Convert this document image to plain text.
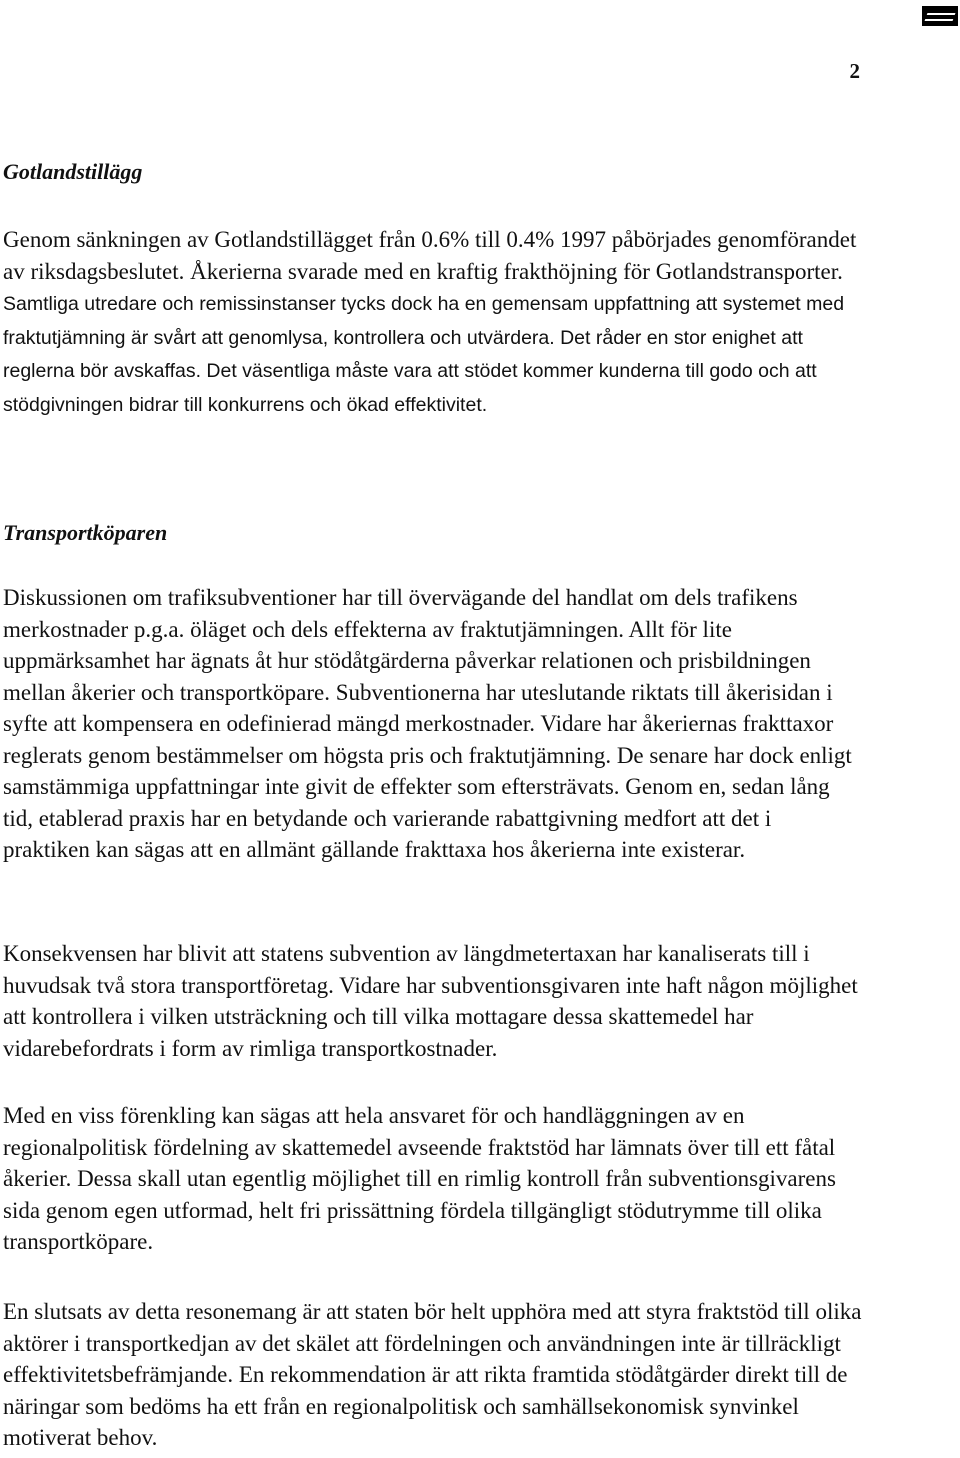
2
Gotlandstillägg

Genom sänkningen av Gotlandstillägget från 0.6% till 0.4% 1997 påbörjades genomförandet av riksdagsbeslutet. Åkerierna svarade med en kraftig frakthöjning för Gotlandstransporter. Samtliga utredare och remissinstanser tycks dock ha en gemensam uppfattning att systemet med fraktutjämning är svårt att genomlysa, kontrollera och utvärdera. Det råder en stor enighet att reglerna bör avskaffas. Det väsentliga måste vara att stödet kommer kunderna till godo och att stödgivningen bidrar till konkurrens och ökad effektivitet.

Transportköparen

Diskussionen om trafiksubventioner har till övervägande del handlat om dels trafikens merkostnader p.g.a. öläget och dels effekterna av fraktutjämningen. Allt för lite uppmärksamhet har ägnats åt hur stödåtgärderna påverkar relationen och prisbildningen mellan åkerier och transportköpare. Subventionerna har uteslutande riktats till åkerisidan i syfte att kompensera en odefinierad mängd merkostnader. Vidare har åkeriernas frakttaxor reglerats genom bestämmelser om högsta pris och fraktutjämning. De senare har dock enligt samstämmiga uppfattningar inte givit de effekter som eftersträvats. Genom en, sedan lång tid, etablerad praxis har en betydande och varierande rabattgivning medfort att det i praktiken kan sägas att en allmänt gällande frakttaxa hos åkerierna inte existerar.

Konsekvensen har blivit att statens subvention av längdmetertaxan har kanaliserats till i huvudsak två stora transportföretag. Vidare har subventionsgivaren inte haft någon möjlighet att kontrollera i vilken utsträckning och till vilka mottagare dessa skattemedel har vidarebefordrats i form av rimliga transportkostnader.

Med en viss förenkling kan sägas att hela ansvaret för och handläggningen av en regionalpolitisk fördelning av skattemedel avseende fraktstöd har lämnats över till ett fåtal åkerier. Dessa skall utan egentlig möjlighet till en rimlig kontroll från subventionsgivarens sida genom egen utformad, helt fri prissättning fördela tillgängligt stödutrymme till olika transportköpare.

En slutsats av detta resonemang är att staten bör helt upphöra med att styra fraktstöd till olika aktörer i transportkedjan av det skälet att fördelningen och användningen inte är tillräckligt effektivitetsbefrämjande. En rekommendation är att rikta framtida stödåtgärder direkt till de näringar som bedöms ha ett från en regionalpolitisk och samhällsekonomisk synvinkel motiverat behov.
